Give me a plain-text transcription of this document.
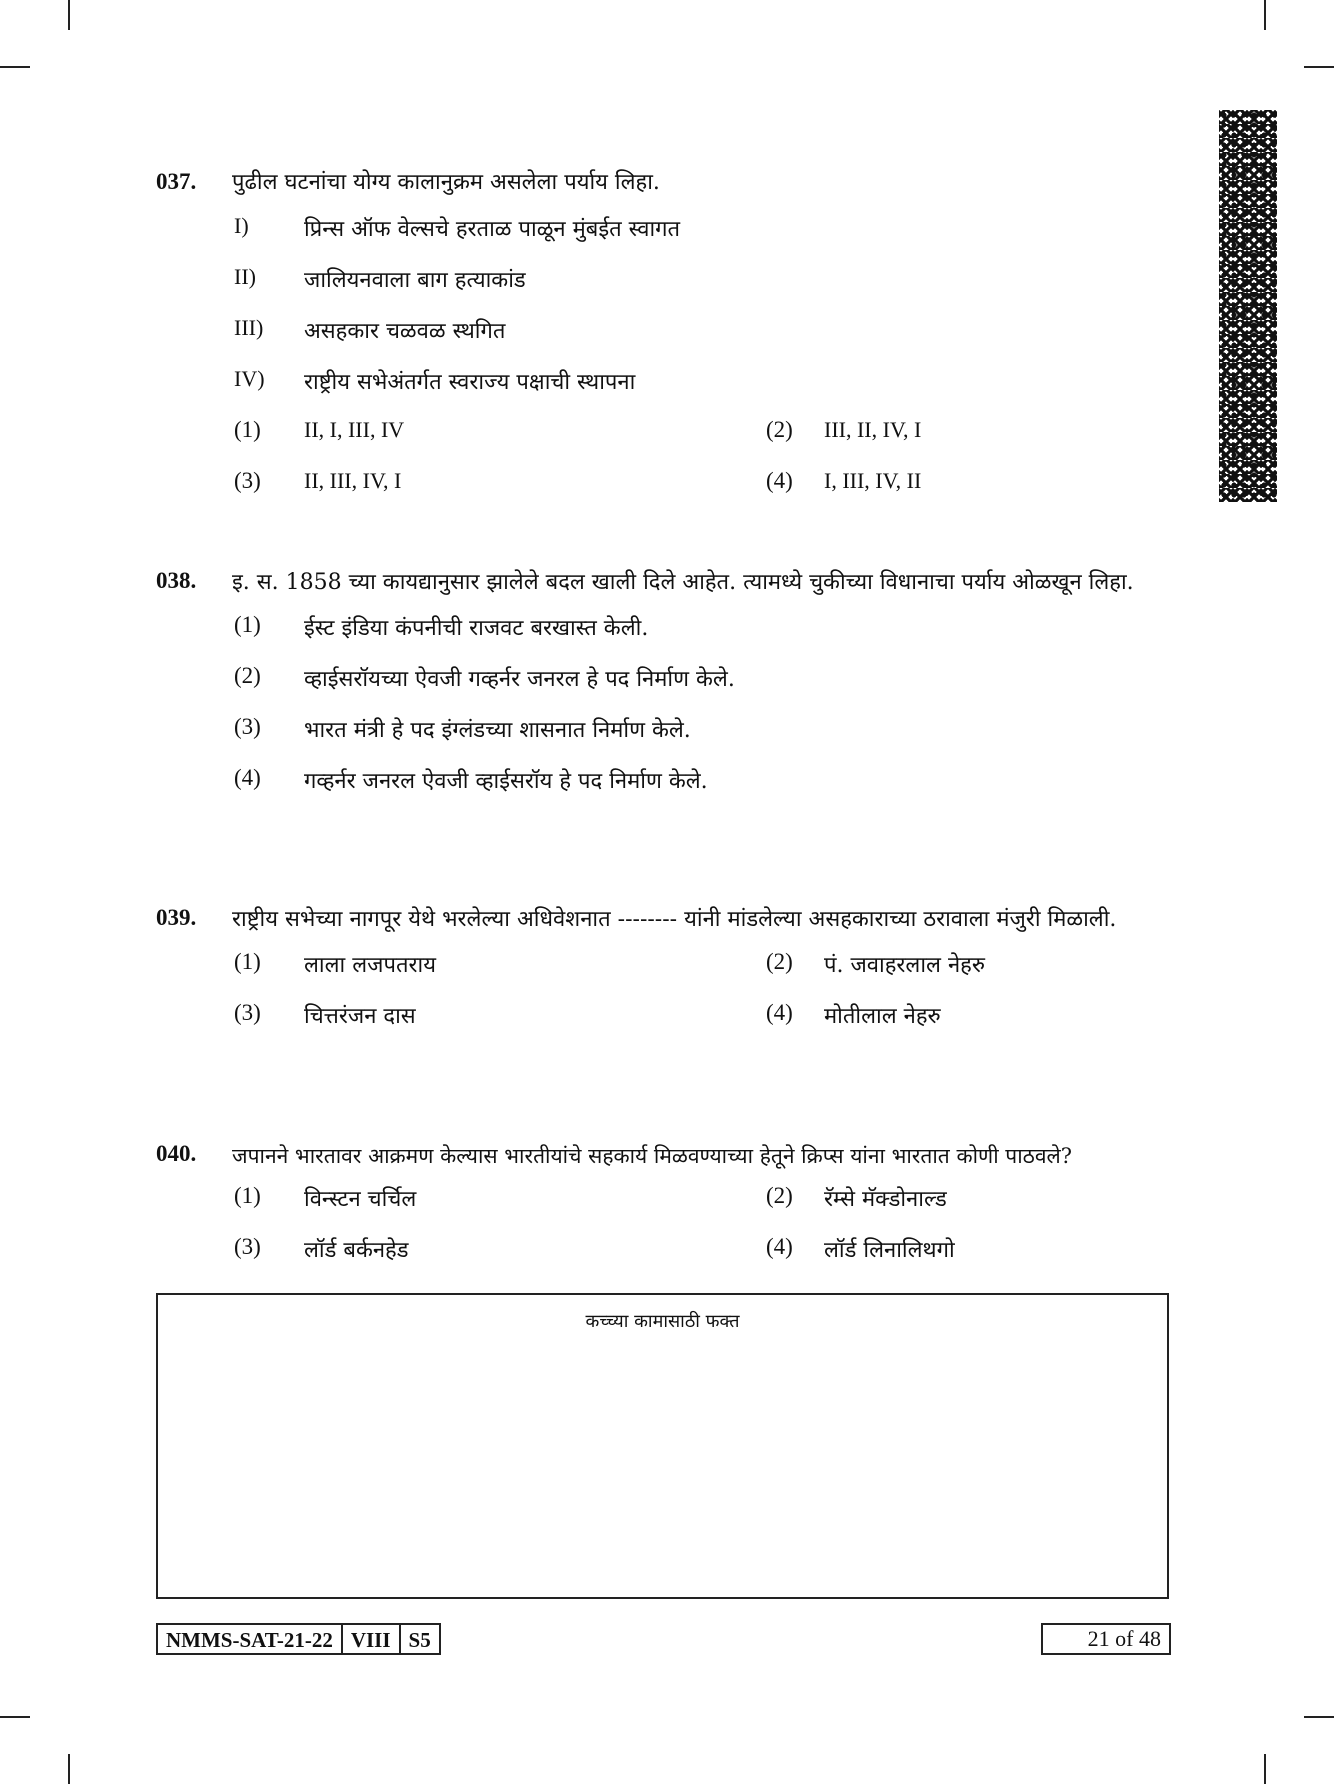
037. पुढील घटनांचा योग्य कालानुक्रम असलेला पर्याय लिहा.
I)	प्रिन्स ऑफ वेल्सचे हरताळ पाळून मुंबईत स्वागत
II) जालियनवाला बाग हत्याकांड
III) असहकार चळवळ स्थगित
IV) राष्ट्रीय सभेअंतर्गत स्वराज्य पक्षाची स्थापना
(1) II, I, III, IV	(2) III, II, IV, I
(3) II, III, IV, I	(4) I, III, IV, II
038. इ. स. 1858 च्या कायद्यानुसार झालेले बदल खाली दिले आहेत. त्यामध्ये चुकीच्या विधानाचा पर्याय ओळखून लिहा.
(1) ईस्ट इंडिया कंपनीची राजवट बरखास्त केली.
(2) व्हाईसरॉयच्या ऐवजी गव्हर्नर जनरल हे पद निर्माण केले.
(3) भारत मंत्री हे पद इंग्लंडच्या शासनात निर्माण केले.
(4) गव्हर्नर जनरल ऐवजी व्हाईसरॉय हे पद निर्माण केले.
039. राष्ट्रीय सभेच्या नागपूर येथे भरलेल्या अधिवेशनात -------- यांनी मांडलेल्या असहकाराच्या ठरावाला मंजुरी मिळाली.
(1) लाला लजपतराय	(2) पं. जवाहरलाल नेहरु
(3) चित्तरंजन दास	(4) मोतीलाल नेहरु
040. जपानने भारतावर आक्रमण केल्यास भारतीयांचे सहकार्य मिळवण्याच्या हेतूने क्रिप्स यांना भारतात कोणी पाठवले?
(1) विन्स्टन चर्चिल	(2) रॅम्से मॅक्डोनाल्ड
(3) लॉर्ड बर्कनहेड	(4) लॉर्ड लिनालिथगो
कच्च्या कामासाठी फक्त
NMMS-SAT-21-22 VIII S5	21 of 48
